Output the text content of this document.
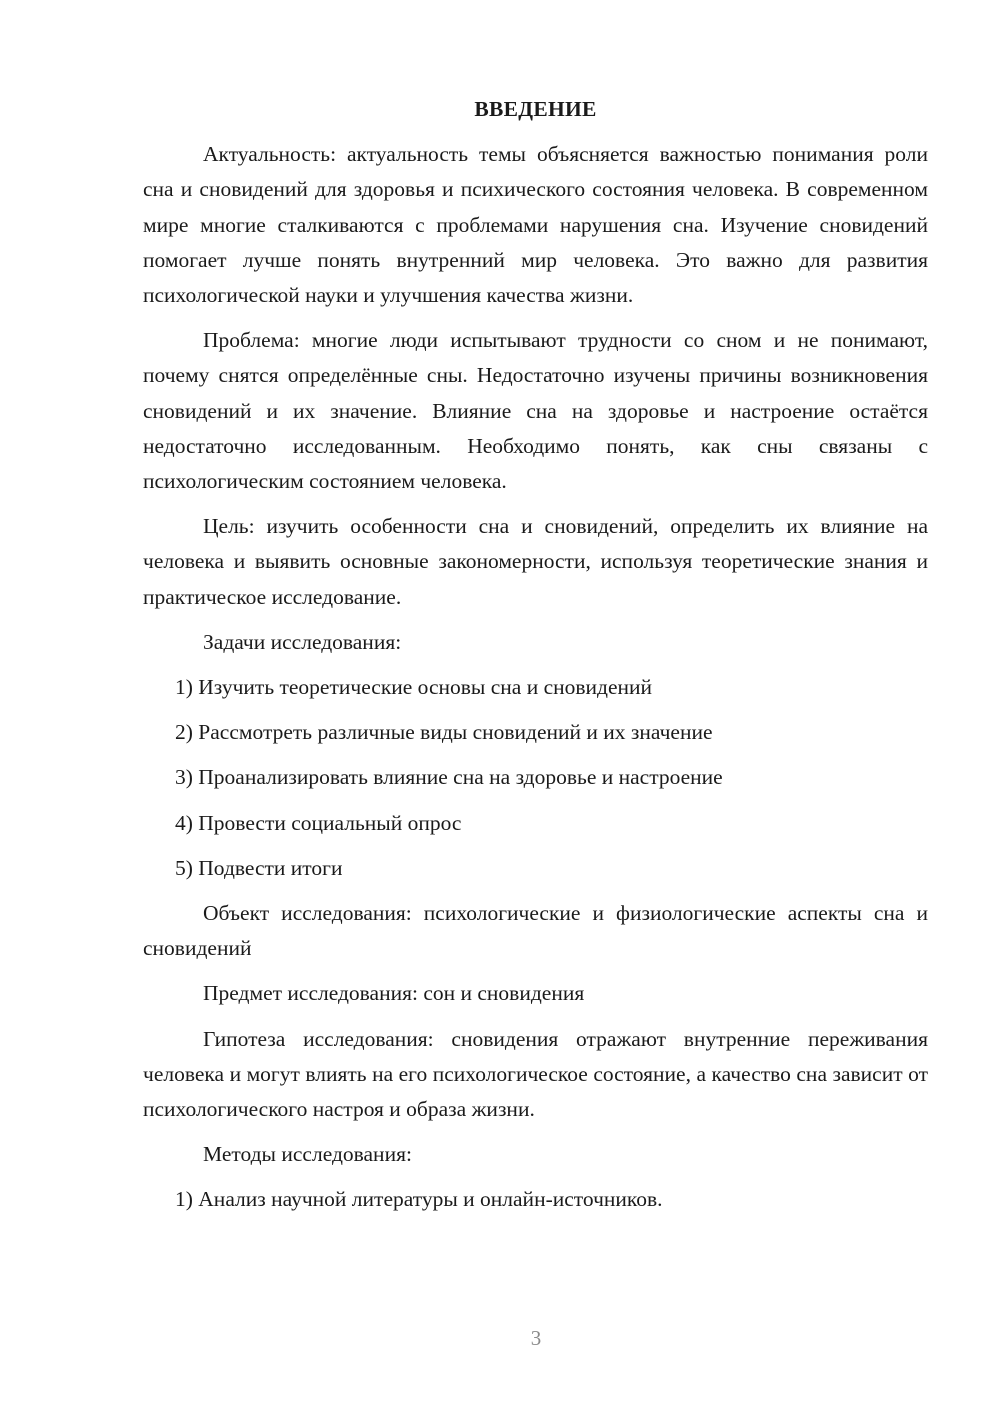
ВВЕДЕНИЕ

Актуальность: актуальность темы объясняется важностью понимания роли сна и сновидений для здоровья и психического состояния человека. В современном мире многие сталкиваются с проблемами нарушения сна. Изучение сновидений помогает лучше понять внутренний мир человека. Это важно для развития психологической науки и улучшения качества жизни.

Проблема: многие люди испытывают трудности со сном и не понимают, почему снятся определённые сны. Недостаточно изучены причины возникновения сновидений и их значение. Влияние сна на здоровье и настроение остаётся недостаточно исследованным. Необходимо понять, как сны связаны с психологическим состоянием человека.

Цель: изучить особенности сна и сновидений, определить их влияние на человека и выявить основные закономерности, используя теоретические знания и практическое исследование.

Задачи исследования:

1) Изучить теоретические основы сна и сновидений

2) Рассмотреть различные виды сновидений и их значение

3) Проанализировать влияние сна на здоровье и настроение

4) Провести социальный опрос

5) Подвести итоги

Объект исследования: психологические и физиологические аспекты сна и сновидений

Предмет исследования: сон и сновидения

Гипотеза исследования: сновидения отражают внутренние переживания человека и могут влиять на его психологическое состояние, а качество сна зависит от психологического настроя и образа жизни.

Методы исследования:

1) Анализ научной литературы и онлайн-источников.

3
